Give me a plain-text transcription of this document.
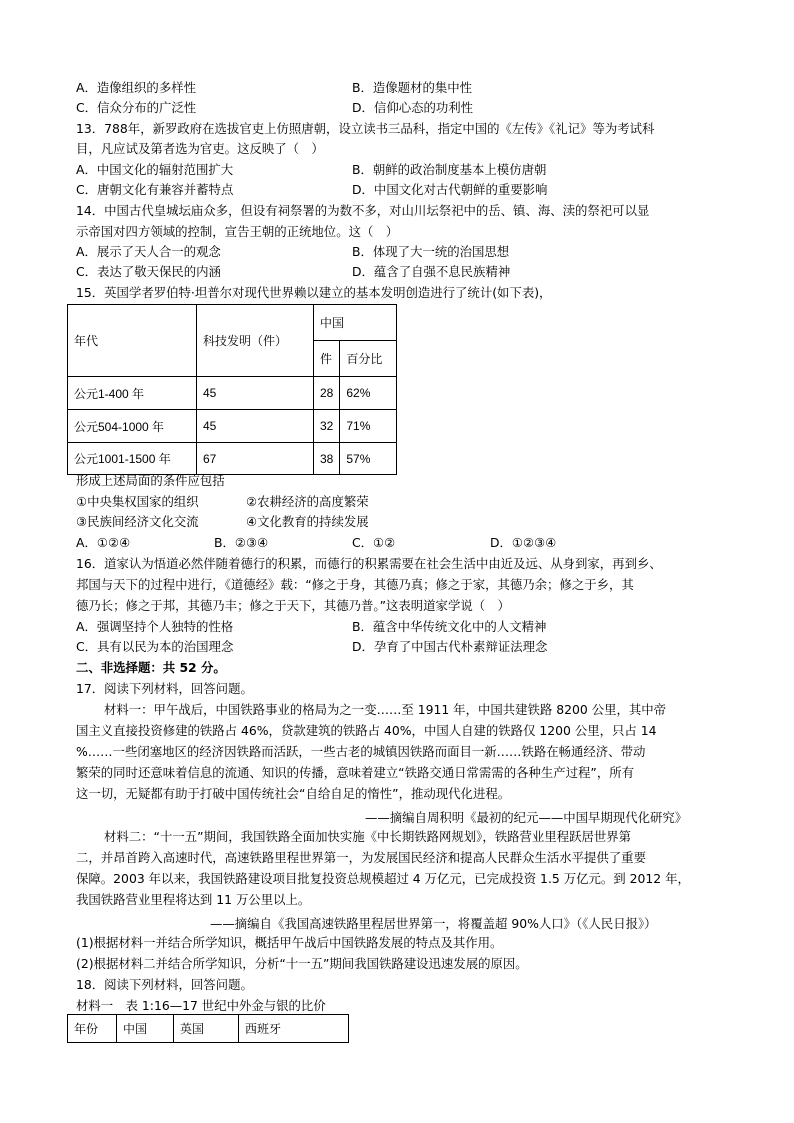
A．造像组织的多样性	B．造像题材的集中性
C．信众分布的广泛性	D．信仰心态的功利性
13．788年，新罗政府在选拔官吏上仿照唐朝，设立读书三品科，指定中国的《左传》《礼记》等为考试科
目，凡应试及第者选为官吏。这反映了（　）
A．中国文化的辐射范围扩大	B．朝鲜的政治制度基本上模仿唐朝
C．唐朝文化有兼容并蓄特点	D．中国文化对古代朝鲜的重要影响
14．中国古代皇城坛庙众多，但设有祠祭署的为数不多，对山川坛祭祀中的岳、镇、海、渎的祭祀可以显
示帝国对四方领域的控制，宣告王朝的正统地位。这（　）
A．展示了天人合一的观念	B．体现了大一统的治国思想
C．表达了敬天保民的内涵	D．蕴含了自强不息民族精神
15．英国学者罗伯特·坦普尔对现代世界赖以建立的基本发明创造进行了统计(如下表)，
年代	科技发明（件）	中国	
		件	百分比
公元1-400 年	45	28	62%
公元504-1000 年	45	32	71%
公元1001-1500 年	67	38	57%
形成上述局面的条件应包括
①中央集权国家的组织	②农耕经济的高度繁荣
③民族间经济文化交流	④文化教育的持续发展
A．①②④	B．②③④	C．①②	D．①②③④
16．道家认为悟道必然伴随着德行的积累，而德行的积累需要在社会生活中由近及远、从身到家，再到乡、
邦国与天下的过程中进行，《道德经》载：“修之于身，其德乃真；修之于家，其德乃余；修之于乡，其
德乃长；修之于邦，其德乃丰；修之于天下，其德乃普。”这表明道家学说（　）
A．强调坚持个人独特的性格	B．蕴含中华传统文化中的人文精神
C．具有以民为本的治国理念	D．孕育了中国古代朴素辩证法理念
二、非选择题：共 52 分。
17．阅读下列材料，回答问题。
材料一：甲午战后，中国铁路事业的格局为之一变……至 1911 年，中国共建铁路 8200 公里，其中帝
国主义直接投资修建的铁路占 46%，贷款建筑的铁路占 40%，中国人自建的铁路仅 1200 公里，只占 14
%……一些闭塞地区的经济因铁路而活跃，一些古老的城镇因铁路而面目一新……铁路在畅通经济、带动
繁荣的同时还意味着信息的流通、知识的传播，意味着建立“铁路交通日常需需的各种生产过程”，所有
这一切，无疑都有助于打破中国传统社会“自给自足的惰性”，推动现代化进程。
——摘编自周积明《最初的纪元——中国早期现代化研究》
材料二：“十一五”期间，我国铁路全面加快实施《中长期铁路网规划》，铁路营业里程跃居世界第
二，并昂首跨入高速时代，高速铁路里程世界第一，为发展国民经济和提高人民群众生活水平提供了重要
保障。2003 年以来，我国铁路建设项目批复投资总规模超过 4 万亿元，已完成投资 1.5 万亿元。到 2012 年，
我国铁路营业里程将达到 11 万公里以上。
——摘编自《我国高速铁路里程居世界第一，将覆盖超 90%人口》（《人民日报》）
(1)根据材料一并结合所学知识，概括甲午战后中国铁路发展的特点及其作用。
(2)根据材料二并结合所学知识，分析“十一五”期间我国铁路建设迅速发展的原因。
18．阅读下列材料，回答问题。
材料一　表 1:16—17 世纪中外金与银的比价
年份	中国	英国	西班牙
